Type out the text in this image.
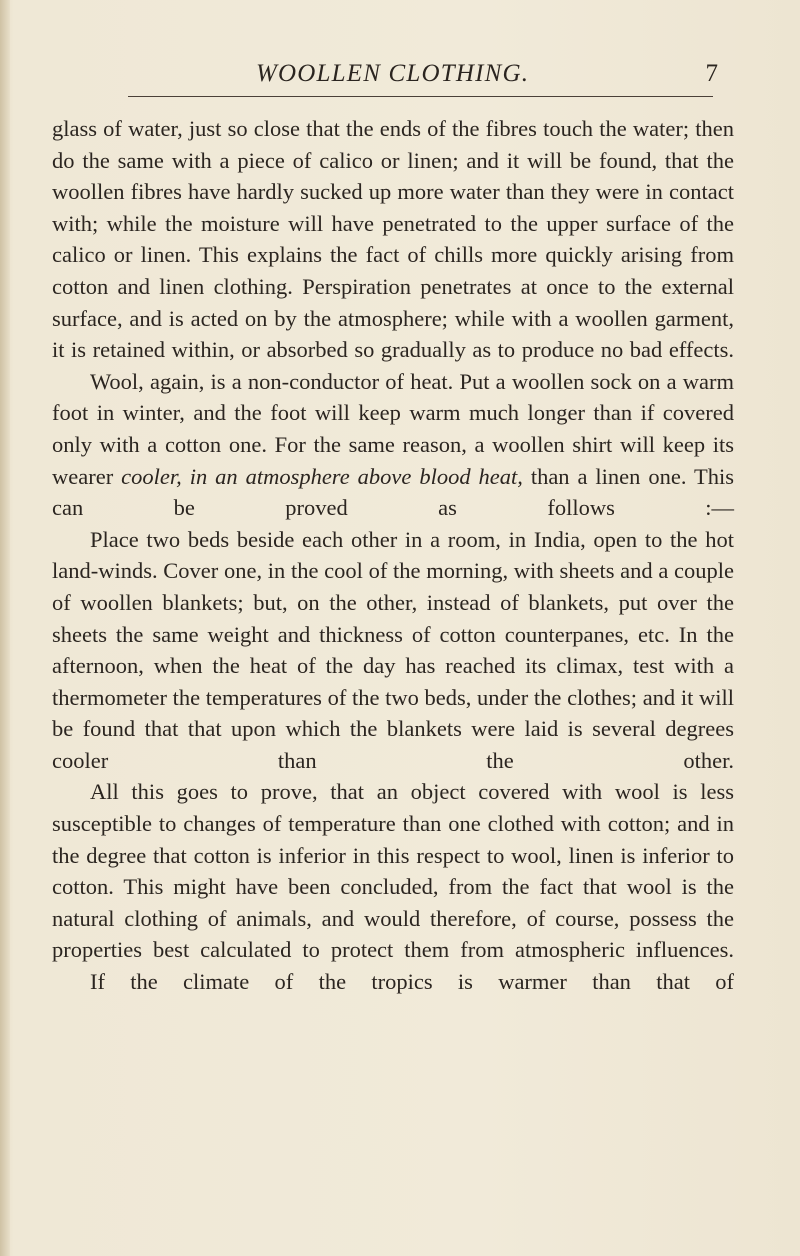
WOOLLEN CLOTHING.	7

glass of water, just so close that the ends of the fibres touch the water; then do the same with a piece of calico or linen; and it will be found, that the woollen fibres have hardly sucked up more water than they were in contact with; while the moisture will have penetrated to the upper surface of the calico or linen. This explains the fact of chills more quickly arising from cotton and linen clothing. Perspiration penetrates at once to the external surface, and is acted on by the atmosphere; while with a woollen garment, it is retained within, or absorbed so gradually as to produce no bad effects.

Wool, again, is a non-conductor of heat. Put a woollen sock on a warm foot in winter, and the foot will keep warm much longer than if covered only with a cotton one. For the same reason, a woollen shirt will keep its wearer cooler, in an atmosphere above blood heat, than a linen one. This can be proved as follows :—

Place two beds beside each other in a room, in India, open to the hot land-winds. Cover one, in the cool of the morning, with sheets and a couple of woollen blankets; but, on the other, instead of blankets, put over the sheets the same weight and thickness of cotton counterpanes, etc. In the afternoon, when the heat of the day has reached its climax, test with a thermometer the temperatures of the two beds, under the clothes; and it will be found that that upon which the blankets were laid is several degrees cooler than the other.

All this goes to prove, that an object covered with wool is less susceptible to changes of temperature than one clothed with cotton; and in the degree that cotton is inferior in this respect to wool, linen is inferior to cotton. This might have been concluded, from the fact that wool is the natural clothing of animals, and would therefore, of course, possess the properties best calculated to protect them from atmospheric influences.

If the climate of the tropics is warmer than that of
